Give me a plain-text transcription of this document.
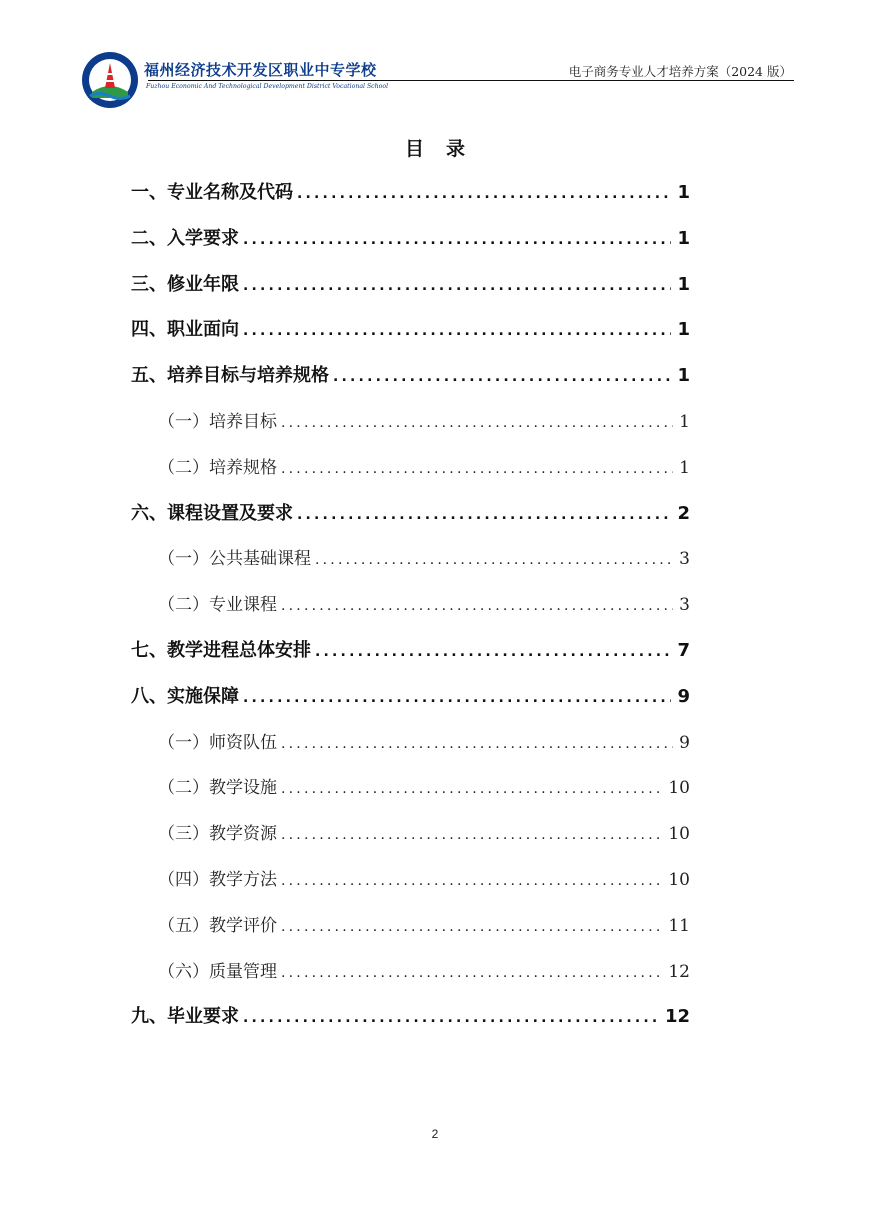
福州经济技术开发区职业中专学校
Fuzhou Economic And Technological Development District Vocational School
电子商务专业人才培养方案（2024 版）
目录
一、专业名称及代码 .....	1
二、入学要求 .....	1
三、修业年限 .....	1
四、职业面向 .....	1
五、培养目标与培养规格 .....	1
（一）培养目标 .....	1
（二）培养规格 .....	1
六、课程设置及要求 .....	2
（一）公共基础课程 .....	3
（二）专业课程 .....	3
七、教学进程总体安排 .....	7
八、实施保障 .....	9
（一）师资队伍 .....	9
（二）教学设施 .....	10
（三）教学资源 .....	10
（四）教学方法 .....	10
（五）教学评价 .....	11
（六）质量管理 .....	12
九、毕业要求 .....	12
2
